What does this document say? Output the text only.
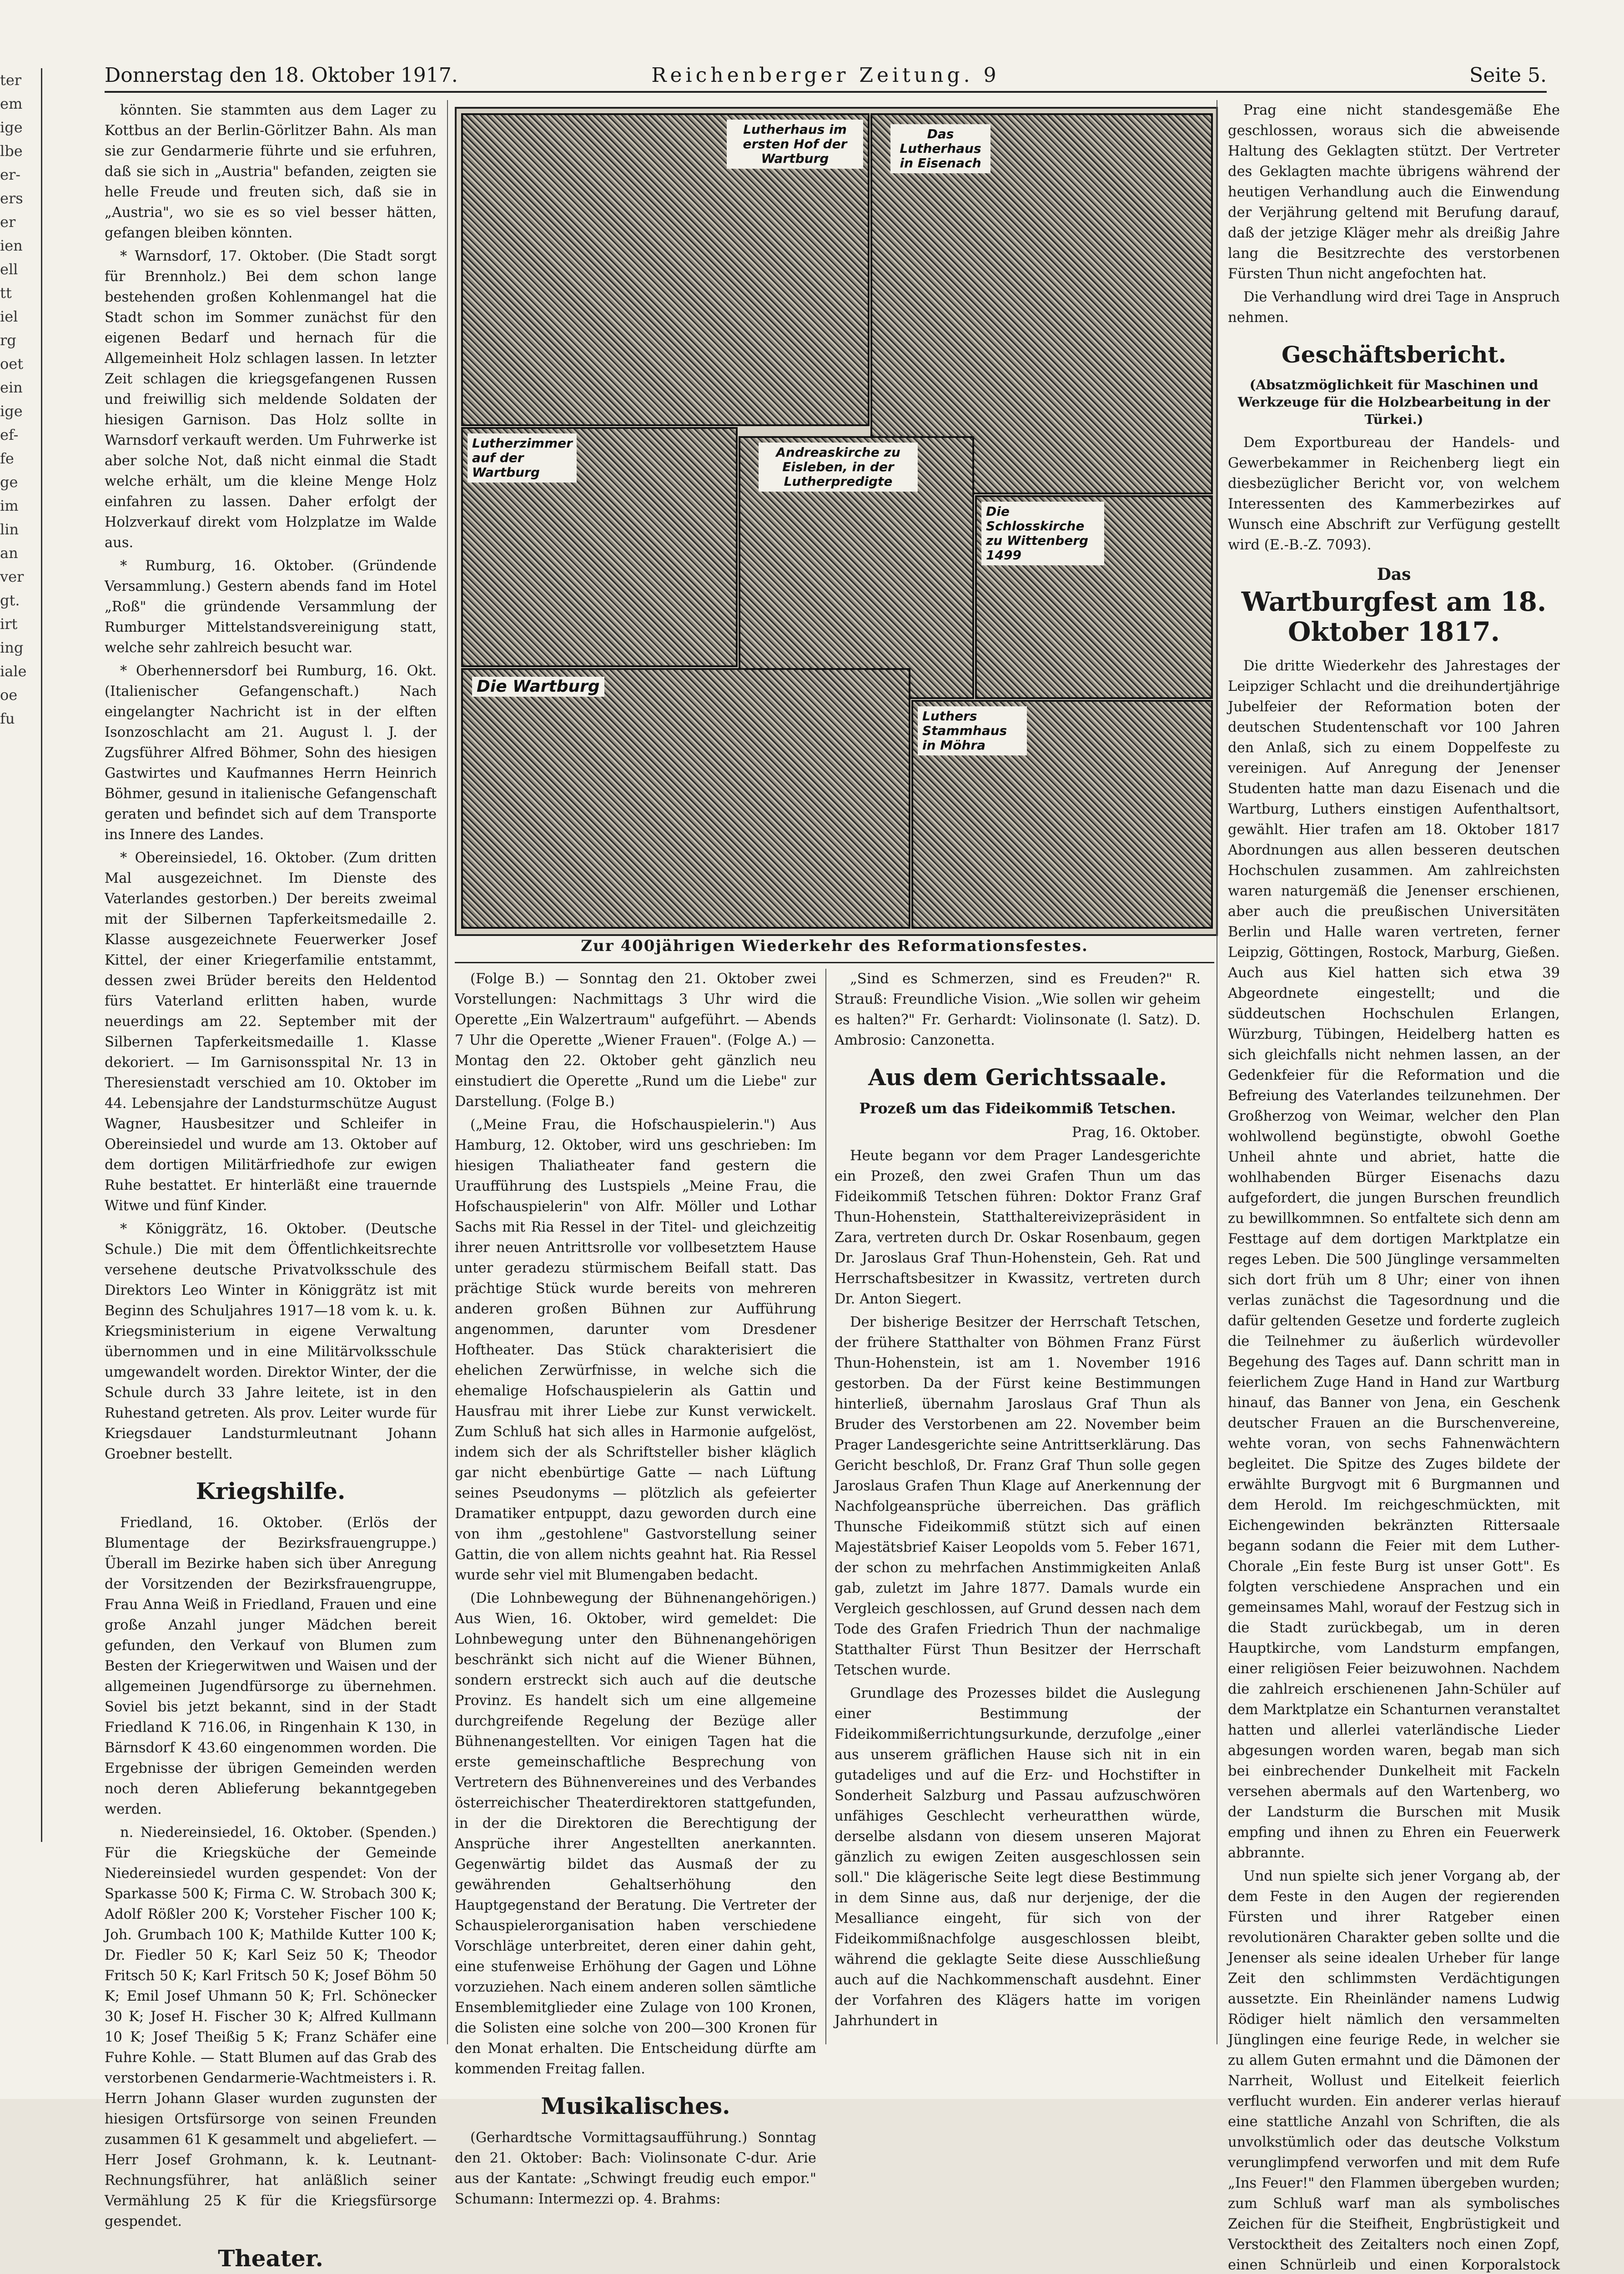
ter
em
ige
lbe
er-
ers
er
ien
ell
tt
iel
rg
oet
ein
ige
ef-
fe
ge
im
lin
an
ver
gt.
irt
ing
iale
oe
fu
Donnerstag den 18. Oktober 1917.	Reichenberger Zeitung. 9	Seite 5.

könnten. Sie stammten aus dem Lager zu Kottbus an der Berlin-Görlitzer Bahn. Als man sie zur Gendarmerie führte und sie erfuhren, daß sie sich in „Austria" befanden, zeigten sie helle Freude und freuten sich, daß sie in „Austria", wo sie es so viel besser hätten, gefangen bleiben könnten.

* Warnsdorf, 17. Oktober. (Die Stadt sorgt für Brennholz.) Bei dem schon lange bestehenden großen Kohlenmangel hat die Stadt schon im Sommer zunächst für den eigenen Bedarf und hernach für die Allgemeinheit Holz schlagen lassen. In letzter Zeit schlagen die kriegsgefangenen Russen und freiwillig sich meldende Soldaten der hiesigen Garnison. Das Holz sollte in Warnsdorf verkauft werden. Um Fuhrwerke ist aber solche Not, daß nicht einmal die Stadt welche erhält, um die kleine Menge Holz einfahren zu lassen. Daher erfolgt der Holzverkauf direkt vom Holzplatze im Walde aus.

* Rumburg, 16. Oktober. (Gründende Versammlung.) Gestern abends fand im Hotel „Roß" die gründende Versammlung der Rumburger Mittelstandsvereinigung statt, welche sehr zahlreich besucht war.

* Oberhennersdorf bei Rumburg, 16. Okt. (Italienischer Gefangenschaft.) Nach eingelangter Nachricht ist in der elften Isonzoschlacht am 21. August l. J. der Zugsführer Alfred Böhmer, Sohn des hiesigen Gastwirtes und Kaufmannes Herrn Heinrich Böhmer, gesund in italienische Gefangenschaft geraten und befindet sich auf dem Transporte ins Innere des Landes.

* Obereinsiedel, 16. Oktober. (Zum dritten Mal ausgezeichnet. Im Dienste des Vaterlandes gestorben.) Der bereits zweimal mit der Silbernen Tapferkeitsmedaille 2. Klasse ausgezeichnete Feuerwerker Josef Kittel, der einer Kriegerfamilie entstammt, dessen zwei Brüder bereits den Heldentod fürs Vaterland erlitten haben, wurde neuerdings am 22. September mit der Silbernen Tapferkeitsmedaille 1. Klasse dekoriert. — Im Garnisonsspital Nr. 13 in Theresienstadt verschied am 10. Oktober im 44. Lebensjahre der Landsturmschütze August Wagner, Hausbesitzer und Schleifer in Obereinsiedel und wurde am 13. Oktober auf dem dortigen Militärfriedhofe zur ewigen Ruhe bestattet. Er hinterläßt eine trauernde Witwe und fünf Kinder.

* Königgrätz, 16. Oktober. (Deutsche Schule.) Die mit dem Öffentlichkeitsrechte versehene deutsche Privatvolksschule des Direktors Leo Winter in Königgrätz ist mit Beginn des Schuljahres 1917—18 vom k. u. k. Kriegsministerium in eigene Verwaltung übernommen und in eine Militärvolksschule umgewandelt worden. Direktor Winter, der die Schule durch 33 Jahre leitete, ist in den Ruhestand getreten. Als prov. Leiter wurde für Kriegsdauer Landsturmleutnant Johann Groebner bestellt.

Kriegshilfe.

Friedland, 16. Oktober. (Erlös der Blumentage der Bezirksfrauengruppe.) Überall im Bezirke haben sich über Anregung der Vorsitzenden der Bezirksfrauengruppe, Frau Anna Weiß in Friedland, Frauen und eine große Anzahl junger Mädchen bereit gefunden, den Verkauf von Blumen zum Besten der Kriegerwitwen und Waisen und der allgemeinen Jugendfürsorge zu übernehmen. Soviel bis jetzt bekannt, sind in der Stadt Friedland K 716.06, in Ringenhain K 130, in Bärnsdorf K 43.60 eingenommen worden. Die Ergebnisse der übrigen Gemeinden werden noch deren Ablieferung bekanntgegeben werden.

n. Niedereinsiedel, 16. Oktober. (Spenden.) Für die Kriegsküche der Gemeinde Niedereinsiedel wurden gespendet: Von der Sparkasse 500 K; Firma C. W. Strobach 300 K; Adolf Rößler 200 K; Vorsteher Fischer 100 K; Joh. Grumbach 100 K; Mathilde Kutter 100 K; Dr. Fiedler 50 K; Karl Seiz 50 K; Theodor Fritsch 50 K; Karl Fritsch 50 K; Josef Böhm 50 K; Emil Josef Uhmann 50 K; Frl. Schönecker 30 K; Josef H. Fischer 30 K; Alfred Kullmann 10 K; Josef Theißig 5 K; Franz Schäfer eine Fuhre Kohle. — Statt Blumen auf das Grab des verstorbenen Gendarmerie-Wachtmeisters i. R. Herrn Johann Glaser wurden zugunsten der hiesigen Ortsfürsorge von seinen Freunden zusammen 61 K gesammelt und abgeliefert. — Herr Josef Grohmann, k. k. Leutnant-Rechnungsführer, hat anläßlich seiner Vermählung 25 K für die Kriegsfürsorge gespendet.

Theater.

Lutherhaus im ersten Hof der Wartburg
Das Lutherhaus in Eisenach
Lutherzimmer auf der Wartburg
Andreaskirche zu Eisleben, in der Lutherpredigte
Die Schlosskirche zu Wittenberg 1499
Die Wartburg
Luthers Stammhaus in Möhra
Zur 400jährigen Wiederkehr des Reformationsfestes.

(Folge B.) — Sonntag den 21. Oktober zwei Vorstellungen: Nachmittags 3 Uhr wird die Operette „Ein Walzertraum" aufgeführt. — Abends 7 Uhr die Operette „Wiener Frauen". (Folge A.) — Montag den 22. Oktober geht gänzlich neu einstudiert die Operette „Rund um die Liebe" zur Darstellung. (Folge B.)

(„Meine Frau, die Hofschauspielerin.") Aus Hamburg, 12. Oktober, wird uns geschrieben: Im hiesigen Thaliatheater fand gestern die Uraufführung des Lustspiels „Meine Frau, die Hofschauspielerin" von Alfr. Möller und Lothar Sachs mit Ria Ressel in der Titel- und gleichzeitig ihrer neuen Antrittsrolle vor vollbesetztem Hause unter geradezu stürmischem Beifall statt. Das prächtige Stück wurde bereits von mehreren anderen großen Bühnen zur Aufführung angenommen, darunter vom Dresdener Hoftheater. Das Stück charakterisiert die ehelichen Zerwürfnisse, in welche sich die ehemalige Hofschauspielerin als Gattin und Hausfrau mit ihrer Liebe zur Kunst verwickelt. Zum Schluß hat sich alles in Harmonie aufgelöst, indem sich der als Schriftsteller bisher kläglich gar nicht ebenbürtige Gatte — nach Lüftung seines Pseudonyms — plötzlich als gefeierter Dramatiker entpuppt, dazu geworden durch eine von ihm „gestohlene" Gastvorstellung seiner Gattin, die von allem nichts geahnt hat. Ria Ressel wurde sehr viel mit Blumengaben bedacht.

(Die Lohnbewegung der Bühnenangehörigen.) Aus Wien, 16. Oktober, wird gemeldet: Die Lohnbewegung unter den Bühnenangehörigen beschränkt sich nicht auf die Wiener Bühnen, sondern erstreckt sich auch auf die deutsche Provinz. Es handelt sich um eine allgemeine durchgreifende Regelung der Bezüge aller Bühnenangestellten. Vor einigen Tagen hat die erste gemeinschaftliche Besprechung von Vertretern des Bühnenvereines und des Verbandes österreichischer Theaterdirektoren stattgefunden, in der die Direktoren die Berechtigung der Ansprüche ihrer Angestellten anerkannten. Gegenwärtig bildet das Ausmaß der zu gewährenden Gehaltserhöhung den Hauptgegenstand der Beratung. Die Vertreter der Schauspielerorganisation haben verschiedene Vorschläge unterbreitet, deren einer dahin geht, eine stufenweise Erhöhung der Gagen und Löhne vorzuziehen. Nach einem anderen sollen sämtliche Ensemblemitglieder eine Zulage von 100 Kronen, die Solisten eine solche von 200—300 Kronen für den Monat erhalten. Die Entscheidung dürfte am kommenden Freitag fallen.

Musikalisches.

(Gerhardtsche Vormittagsaufführung.) Sonntag den 21. Oktober: Bach: Violinsonate C-dur. Arie aus der Kantate: „Schwingt freudig euch empor." Schumann: Intermezzi op. 4. Brahms:

„Sind es Schmerzen, sind es Freuden?" R. Strauß: Freundliche Vision. „Wie sollen wir geheim es halten?" Fr. Gerhardt: Violinsonate (l. Satz). D. Ambrosio: Canzonetta.

Aus dem Gerichtssaale.
Prozeß um das Fideikommiß Tetschen.
Prag, 16. Oktober.

Heute begann vor dem Prager Landesgerichte ein Prozeß, den zwei Grafen Thun um das Fideikommiß Tetschen führen: Doktor Franz Graf Thun-Hohenstein, Statthaltereivizepräsident in Zara, vertreten durch Dr. Oskar Rosenbaum, gegen Dr. Jaroslaus Graf Thun-Hohenstein, Geh. Rat und Herrschaftsbesitzer in Kwassitz, vertreten durch Dr. Anton Siegert.

Der bisherige Besitzer der Herrschaft Tetschen, der frühere Statthalter von Böhmen Franz Fürst Thun-Hohenstein, ist am 1. November 1916 gestorben. Da der Fürst keine Bestimmungen hinterließ, übernahm Jaroslaus Graf Thun als Bruder des Verstorbenen am 22. November beim Prager Landesgerichte seine Antrittserklärung. Das Gericht beschloß, Dr. Franz Graf Thun solle gegen Jaroslaus Grafen Thun Klage auf Anerkennung der Nachfolgeansprüche überreichen. Das gräflich Thunsche Fideikommiß stützt sich auf einen Majestätsbrief Kaiser Leopolds vom 5. Feber 1671, der schon zu mehrfachen Anstimmigkeiten Anlaß gab, zuletzt im Jahre 1877. Damals wurde ein Vergleich geschlossen, auf Grund dessen nach dem Tode des Grafen Friedrich Thun der nachmalige Statthalter Fürst Thun Besitzer der Herrschaft Tetschen wurde.

Grundlage des Prozesses bildet die Auslegung einer Bestimmung der Fideikommißerrichtungsurkunde, derzufolge „einer aus unserem gräflichen Hause sich nit in ein gutadeliges und auf die Erz- und Hochstifter in Sonderheit Salzburg und Passau aufzuschwören unfähiges Geschlecht verheuratthen würde, derselbe alsdann von diesem unseren Majorat gänzlich zu ewigen Zeiten ausgeschlossen sein soll." Die klägerische Seite legt diese Bestimmung in dem Sinne aus, daß nur derjenige, der die Mesalliance eingeht, für sich von der Fideikommißnachfolge ausgeschlossen bleibt, während die geklagte Seite diese Ausschließung auch auf die Nachkommenschaft ausdehnt. Einer der Vorfahren des Klägers hatte im vorigen Jahrhundert in

Prag eine nicht standesgemäße Ehe geschlossen, woraus sich die abweisende Haltung des Geklagten stützt. Der Vertreter des Geklagten machte übrigens während der heutigen Verhandlung auch die Einwendung der Verjährung geltend mit Berufung darauf, daß der jetzige Kläger mehr als dreißig Jahre lang die Besitzrechte des verstorbenen Fürsten Thun nicht angefochten hat.

Die Verhandlung wird drei Tage in Anspruch nehmen.

Geschäftsbericht.
(Absatzmöglichkeit für Maschinen und Werkzeuge für die Holzbearbeitung in der Türkei.)

Dem Exportbureau der Handels- und Gewerbekammer in Reichenberg liegt ein diesbezüglicher Bericht vor, von welchem Interessenten des Kammerbezirkes auf Wunsch eine Abschrift zur Verfügung gestellt wird (E.-B.-Z. 7093).

Das
Wartburgfest am 18. Oktober 1817.

Die dritte Wiederkehr des Jahrestages der Leipziger Schlacht und die dreihundertjährige Jubelfeier der Reformation boten der deutschen Studentenschaft vor 100 Jahren den Anlaß, sich zu einem Doppelfeste zu vereinigen. Auf Anregung der Jenenser Studenten hatte man dazu Eisenach und die Wartburg, Luthers einstigen Aufenthaltsort, gewählt. Hier trafen am 18. Oktober 1817 Abordnungen aus allen besseren deutschen Hochschulen zusammen. Am zahlreichsten waren naturgemäß die Jenenser erschienen, aber auch die preußischen Universitäten Berlin und Halle waren vertreten, ferner Leipzig, Göttingen, Rostock, Marburg, Gießen. Auch aus Kiel hatten sich etwa 39 Abgeordnete eingestellt; und die süddeutschen Hochschulen Erlangen, Würzburg, Tübingen, Heidelberg hatten es sich gleichfalls nicht nehmen lassen, an der Gedenkfeier für die Reformation und die Befreiung des Vaterlandes teilzunehmen. Der Großherzog von Weimar, welcher den Plan wohlwollend begünstigte, obwohl Goethe Unheil ahnte und abriet, hatte die wohlhabenden Bürger Eisenachs dazu aufgefordert, die jungen Burschen freundlich zu bewillkommnen. So entfaltete sich denn am Festtage auf dem dortigen Marktplatze ein reges Leben. Die 500 Jünglinge versammelten sich dort früh um 8 Uhr; einer von ihnen verlas zunächst die Tagesordnung und die dafür geltenden Gesetze und forderte zugleich die Teilnehmer zu äußerlich würdevoller Begehung des Tages auf. Dann schritt man in feierlichem Zuge Hand in Hand zur Wartburg hinauf, das Banner von Jena, ein Geschenk deutscher Frauen an die Burschenvereine, wehte voran, von sechs Fahnenwächtern begleitet. Die Spitze des Zuges bildete der erwählte Burgvogt mit 6 Burgmannen und dem Herold. Im reichgeschmückten, mit Eichengewinden bekränzten Rittersaale begann sodann die Feier mit dem Luther-Chorale „Ein feste Burg ist unser Gott". Es folgten verschiedene Ansprachen und ein gemeinsames Mahl, worauf der Festzug sich in die Stadt zurückbegab, um in deren Hauptkirche, vom Landsturm empfangen, einer religiösen Feier beizuwohnen. Nachdem die zahlreich erschienenen Jahn-Schüler auf dem Marktplatze ein Schanturnen veranstaltet hatten und allerlei vaterländische Lieder abgesungen worden waren, begab man sich bei einbrechender Dunkelheit mit Fackeln versehen abermals auf den Wartenberg, wo der Landsturm die Burschen mit Musik empfing und ihnen zu Ehren ein Feuerwerk abbrannte.

Und nun spielte sich jener Vorgang ab, der dem Feste in den Augen der regierenden Fürsten und ihrer Ratgeber einen revolutionären Charakter geben sollte und die Jenenser als seine idealen Urheber für lange Zeit den schlimmsten Verdächtigungen aussetzte. Ein Rheinländer namens Ludwig Rödiger hielt nämlich den versammelten Jünglingen eine feurige Rede, in welcher sie zu allem Guten ermahnt und die Dämonen der Narrheit, Wollust und Eitelkeit feierlich verflucht wurden. Ein anderer verlas hierauf eine stattliche Anzahl von Schriften, die als unvolkstümlich oder das deutsche Volkstum verunglimpfend verworfen und mit dem Rufe „Ins Feuer!" den Flammen übergeben wurden; zum Schluß warf man als symbolisches Zeichen für die Steifheit, Engbrüstigkeit und Verstocktheit des Zeitalters noch einen Zopf, einen Schnürleib und einen Korporalstock
